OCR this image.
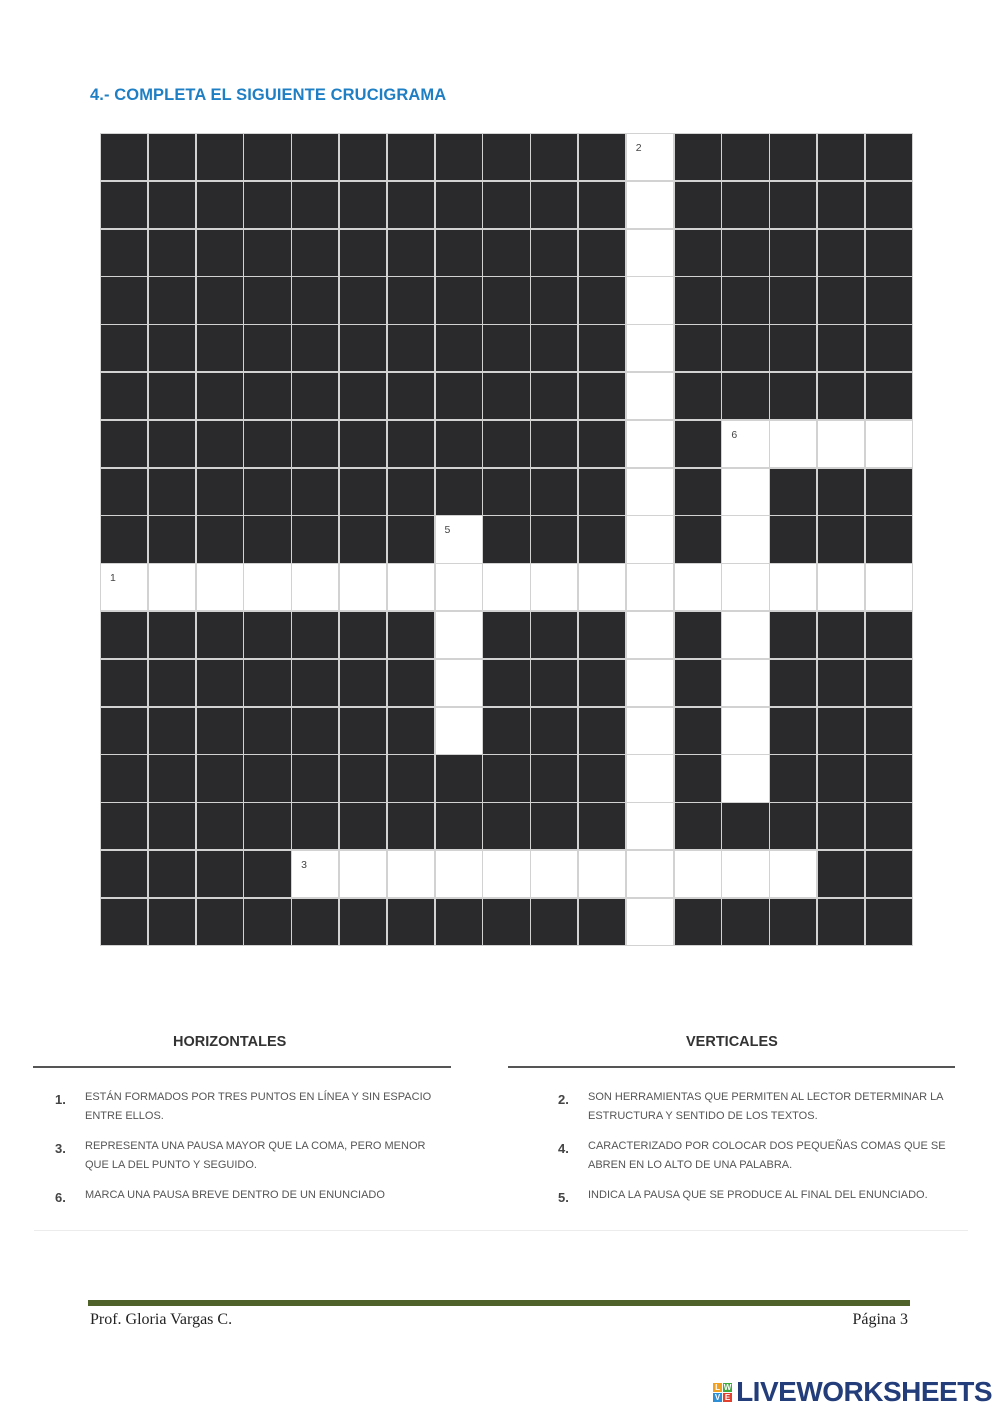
4.- COMPLETA EL SIGUIENTE CRUCIGRAMA
2
6
5
1
3
HORIZONTALES
1.	ESTÁN FORMADOS POR TRES PUNTOS EN LÍNEA Y SIN ESPACIO ENTRE ELLOS.
3.	REPRESENTA UNA PAUSA MAYOR QUE LA COMA, PERO MENOR QUE LA DEL PUNTO Y SEGUIDO.
6.	MARCA UNA PAUSA BREVE DENTRO DE UN ENUNCIADO
VERTICALES
2.	SON HERRAMIENTAS QUE PERMITEN AL LECTOR DETERMINAR LA ESTRUCTURA Y SENTIDO DE LOS TEXTOS.
4.	CARACTERIZADO POR COLOCAR DOS PEQUEÑAS COMAS QUE SE ABREN EN LO ALTO DE UNA PALABRA.
5.	INDICA LA PAUSA QUE SE PRODUCE AL FINAL DEL ENUNCIADO.
Prof. Gloria Vargas C.	Página 3
L W
V E LIVEWORKSHEETS
